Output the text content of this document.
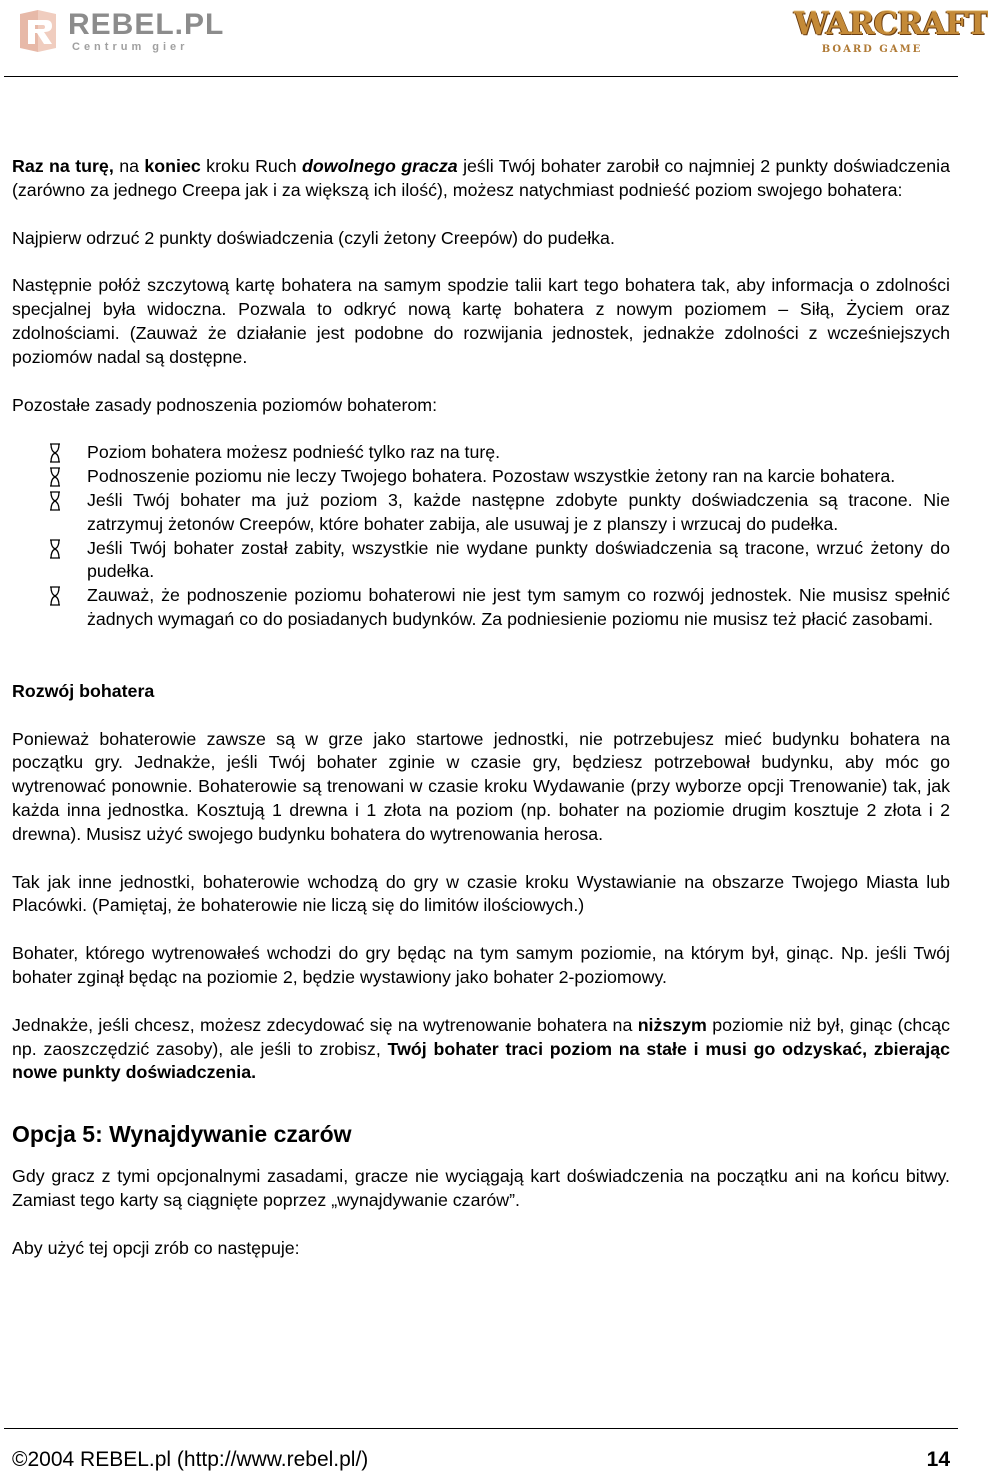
REBEL.PL
Centrum gier
WARCRAFT
BOARD GAME

Raz na turę, na koniec kroku Ruch dowolnego gracza jeśli Twój bohater zarobił co najmniej 2 punkty doświadczenia (zarówno za jednego Creepa jak i za większą ich ilość), możesz natychmiast podnieść poziom swojego bohatera:

Najpierw odrzuć 2 punkty doświadczenia (czyli żetony Creepów) do pudełka.

Następnie połóż szczytową kartę bohatera na samym spodzie talii kart tego bohatera tak, aby informacja o zdolności specjalnej była widoczna. Pozwala to odkryć nową kartę bohatera z nowym poziomem – Siłą, Życiem oraz zdolnościami. (Zauważ że działanie jest podobne do rozwijania jednostek, jednakże zdolności z wcześniejszych poziomów nadal są dostępne.

Pozostałe zasady podnoszenia poziomów bohaterom:

Poziom bohatera możesz podnieść tylko raz na turę.
Podnoszenie poziomu nie leczy Twojego bohatera. Pozostaw wszystkie żetony ran na karcie bohatera.
Jeśli Twój bohater ma już poziom 3, każde następne zdobyte punkty doświadczenia są tracone. Nie zatrzymuj żetonów Creepów, które bohater zabija, ale usuwaj je z planszy i wrzucaj do pudełka.
Jeśli Twój bohater został zabity, wszystkie nie wydane punkty doświadczenia są tracone, wrzuć żetony do pudełka.
Zauważ, że podnoszenie poziomu bohaterowi nie jest tym samym co rozwój jednostek. Nie musisz spełnić żadnych wymagań co do posiadanych budynków. Za podniesienie poziomu nie musisz też płacić zasobami.

Rozwój bohatera

Ponieważ bohaterowie zawsze są w grze jako startowe jednostki, nie potrzebujesz mieć budynku bohatera na początku gry. Jednakże, jeśli Twój bohater zginie w czasie gry, będziesz potrzebował budynku, aby móc go wytrenować ponownie. Bohaterowie są trenowani w czasie kroku Wydawanie (przy wyborze opcji Trenowanie) tak, jak każda inna jednostka. Kosztują 1 drewna i 1 złota na poziom (np. bohater na poziomie drugim kosztuje 2 złota i 2 drewna). Musisz użyć swojego budynku bohatera do wytrenowania herosa.

Tak jak inne jednostki, bohaterowie wchodzą do gry w czasie kroku Wystawianie na obszarze Twojego Miasta lub Placówki. (Pamiętaj, że bohaterowie nie liczą się do limitów ilościowych.)

Bohater, którego wytrenowałeś wchodzi do gry będąc na tym samym poziomie, na którym był, ginąc. Np. jeśli Twój bohater zginął będąc na poziomie 2, będzie wystawiony jako bohater 2-poziomowy.

Jednakże, jeśli chcesz, możesz zdecydować się na wytrenowanie bohatera na niższym poziomie niż był, ginąc (chcąc np. zaoszczędzić zasoby), ale jeśli to zrobisz, Twój bohater traci poziom na stałe i musi go odzyskać, zbierając nowe punkty doświadczenia.

Opcja 5: Wynajdywanie czarów

Gdy gracz z tymi opcjonalnymi zasadami, gracze nie wyciągają kart doświadczenia na początku ani na końcu bitwy. Zamiast tego karty są ciągnięte poprzez „wynajdywanie czarów”.

Aby użyć tej opcji zrób co następuje:

©2004 REBEL.pl (http://www.rebel.pl/)	14
